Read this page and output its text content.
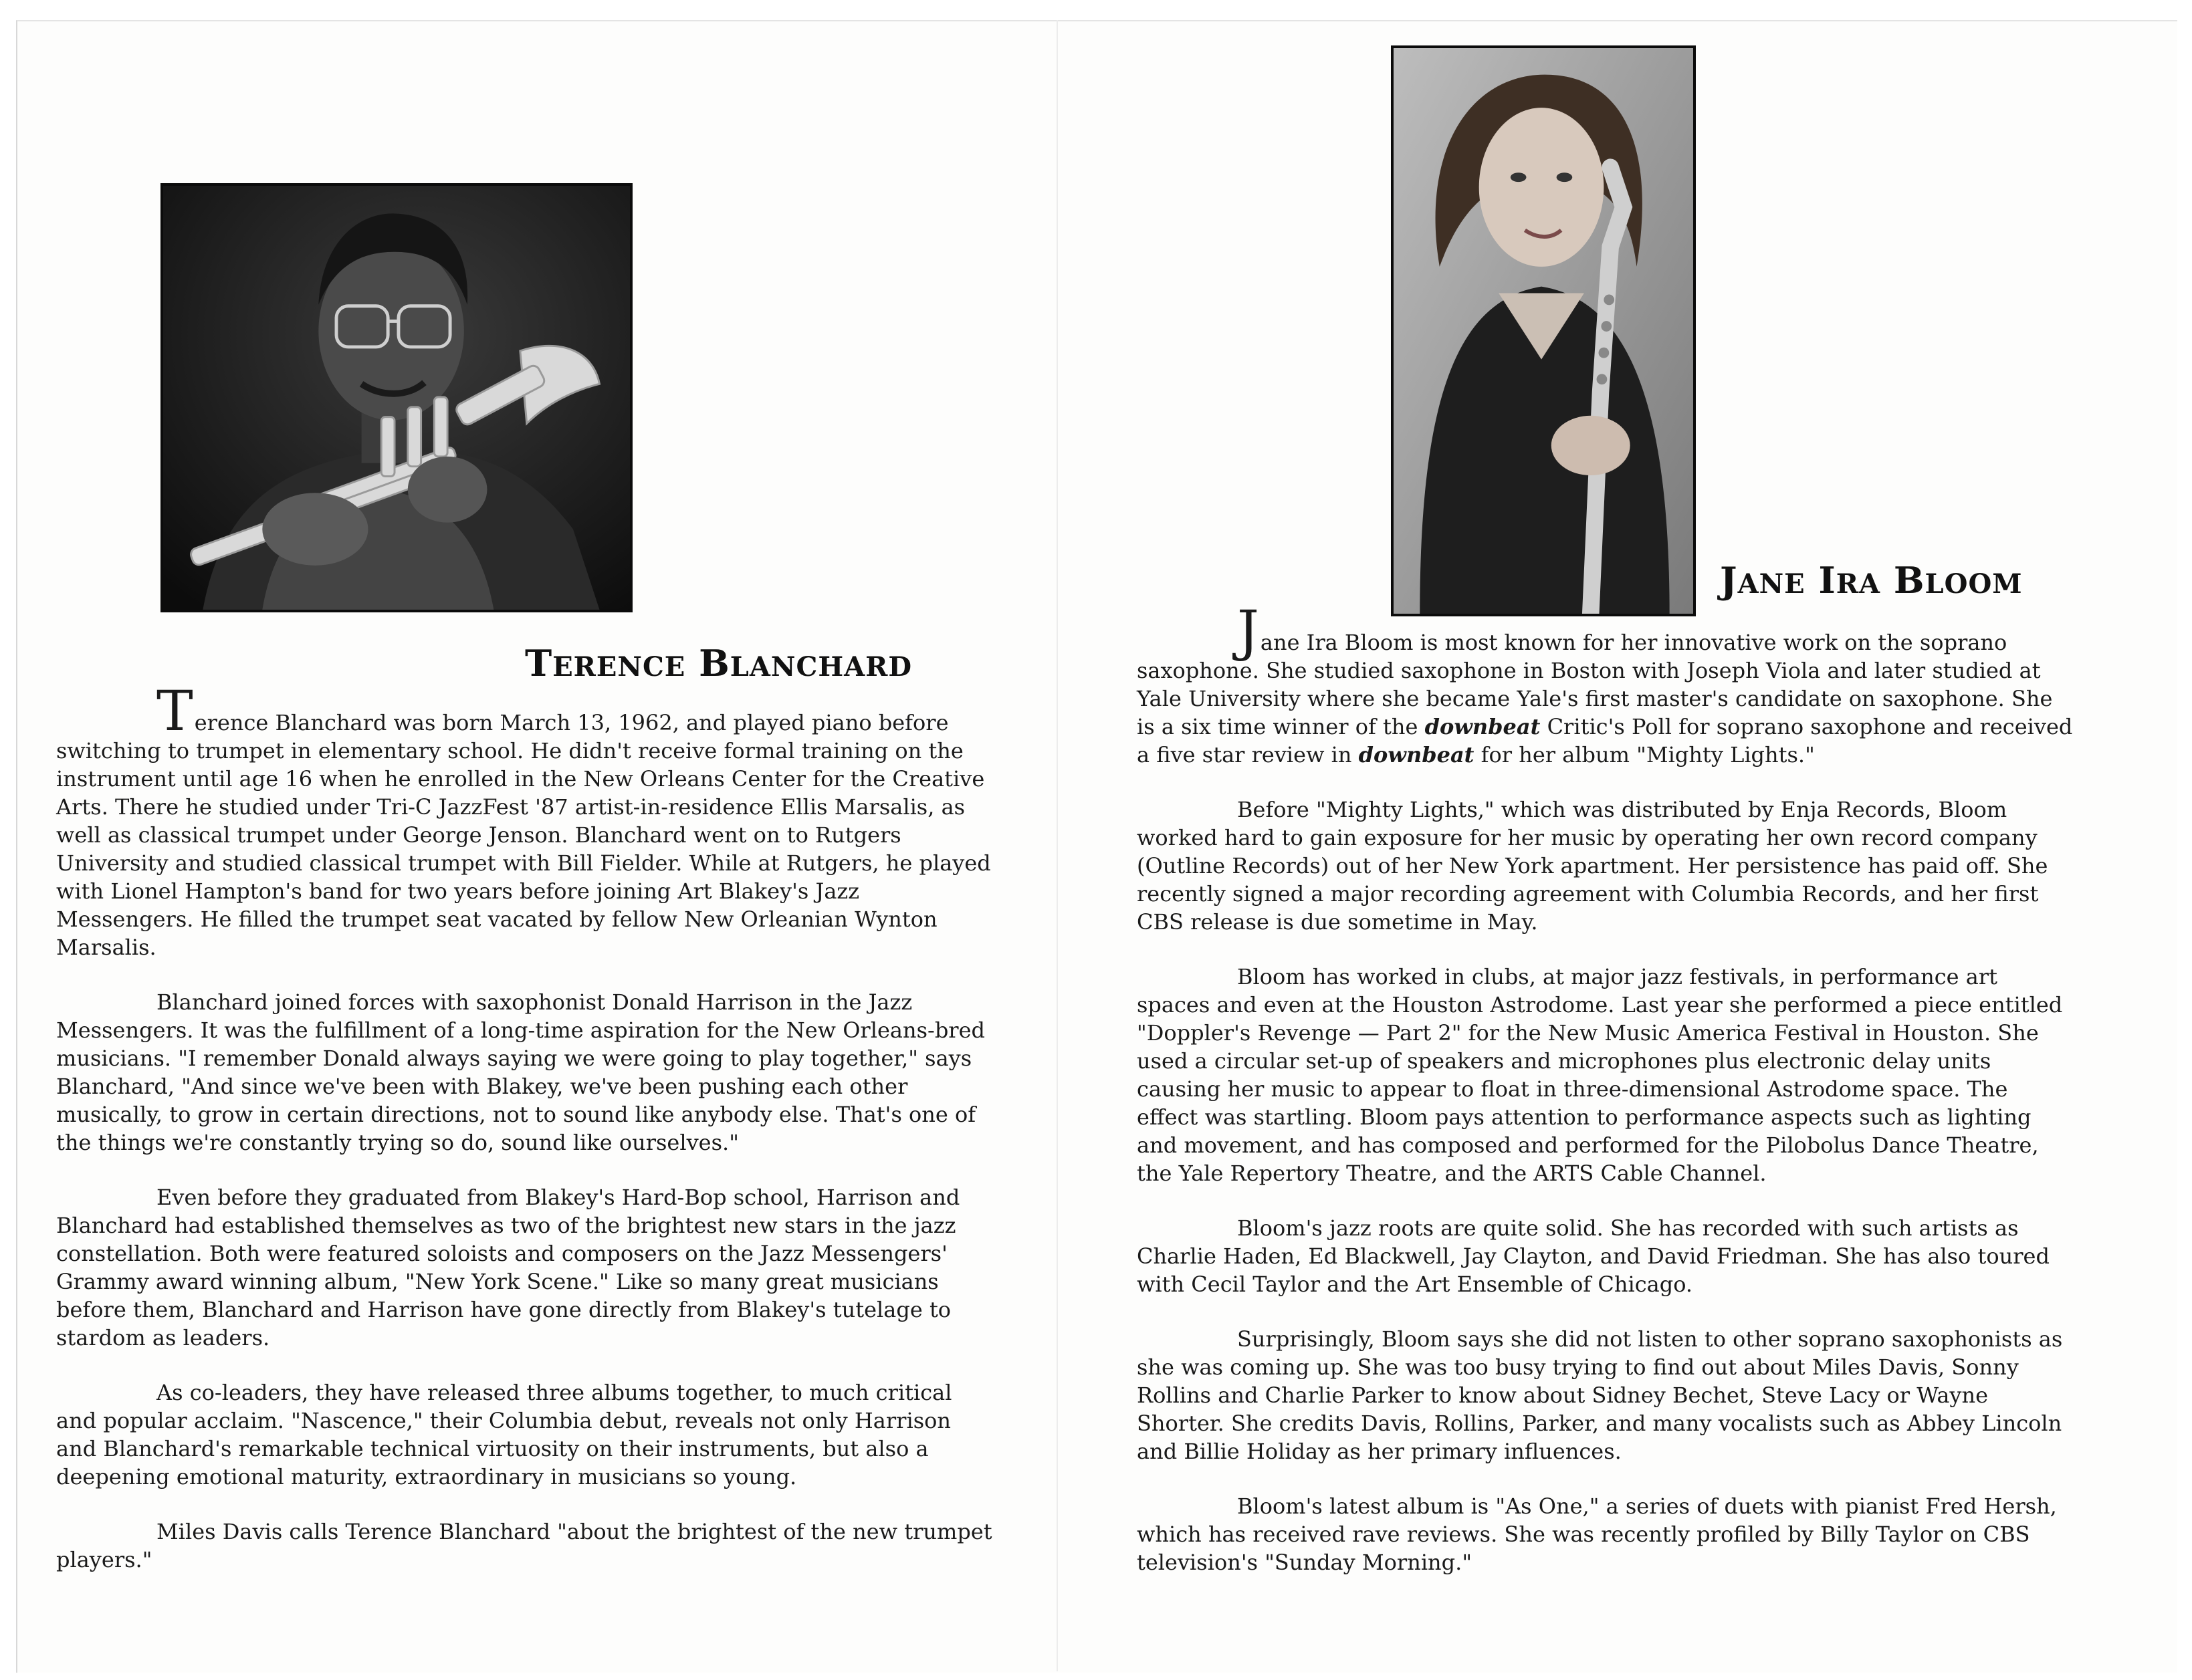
TERENCE BLANCHARD

Terence Blanchard was born March 13, 1962, and played piano before switching to trumpet in elementary school. He didn't receive formal training on the instrument until age 16 when he enrolled in the New Orleans Center for the Creative Arts. There he studied under Tri-C JazzFest '87 artist-in-residence Ellis Marsalis, as well as classical trumpet under George Jenson. Blanchard went on to Rutgers University and studied classical trumpet with Bill Fielder. While at Rutgers, he played with Lionel Hampton's band for two years before joining Art Blakey's Jazz Messengers. He filled the trumpet seat vacated by fellow New Orleanian Wynton Marsalis.

Blanchard joined forces with saxophonist Donald Harrison in the Jazz Messengers. It was the fulfillment of a long-time aspiration for the New Orleans-bred musicians. "I remember Donald always saying we were going to play together," says Blanchard, "And since we've been with Blakey, we've been pushing each other musically, to grow in certain directions, not to sound like anybody else. That's one of the things we're constantly trying so do, sound like ourselves."

Even before they graduated from Blakey's Hard-Bop school, Harrison and Blanchard had established themselves as two of the brightest new stars in the jazz constellation. Both were featured soloists and composers on the Jazz Messengers' Grammy award winning album, "New York Scene." Like so many great musicians before them, Blanchard and Harrison have gone directly from Blakey's tutelage to stardom as leaders.

As co-leaders, they have released three albums together, to much critical and popular acclaim. "Nascence," their Columbia debut, reveals not only Harrison and Blanchard's remarkable technical virtuosity on their instruments, but also a deepening emotional maturity, extraordinary in musicians so young.

Miles Davis calls Terence Blanchard "about the brightest of the new trumpet players."

JANE IRA BLOOM

Jane Ira Bloom is most known for her innovative work on the soprano saxophone. She studied saxophone in Boston with Joseph Viola and later studied at Yale University where she became Yale's first master's candidate on saxophone. She is a six time winner of the downbeat Critic's Poll for soprano saxophone and received a five star review in downbeat for her album "Mighty Lights."

Before "Mighty Lights," which was distributed by Enja Records, Bloom worked hard to gain exposure for her music by operating her own record company (Outline Records) out of her New York apartment. Her persistence has paid off. She recently signed a major recording agreement with Columbia Records, and her first CBS release is due sometime in May.

Bloom has worked in clubs, at major jazz festivals, in performance art spaces and even at the Houston Astrodome. Last year she performed a piece entitled "Doppler's Revenge — Part 2" for the New Music America Festival in Houston. She used a circular set-up of speakers and microphones plus electronic delay units causing her music to appear to float in three-dimensional Astrodome space. The effect was startling. Bloom pays attention to performance aspects such as lighting and movement, and has composed and performed for the Pilobolus Dance Theatre, the Yale Repertory Theatre, and the ARTS Cable Channel.

Bloom's jazz roots are quite solid. She has recorded with such artists as Charlie Haden, Ed Blackwell, Jay Clayton, and David Friedman. She has also toured with Cecil Taylor and the Art Ensemble of Chicago.

Surprisingly, Bloom says she did not listen to other soprano saxophonists as she was coming up. She was too busy trying to find out about Miles Davis, Sonny Rollins and Charlie Parker to know about Sidney Bechet, Steve Lacy or Wayne Shorter. She credits Davis, Rollins, Parker, and many vocalists such as Abbey Lincoln and Billie Holiday as her primary influences.

Bloom's latest album is "As One," a series of duets with pianist Fred Hersh, which has received rave reviews. She was recently profiled by Billy Taylor on CBS television's "Sunday Morning."
